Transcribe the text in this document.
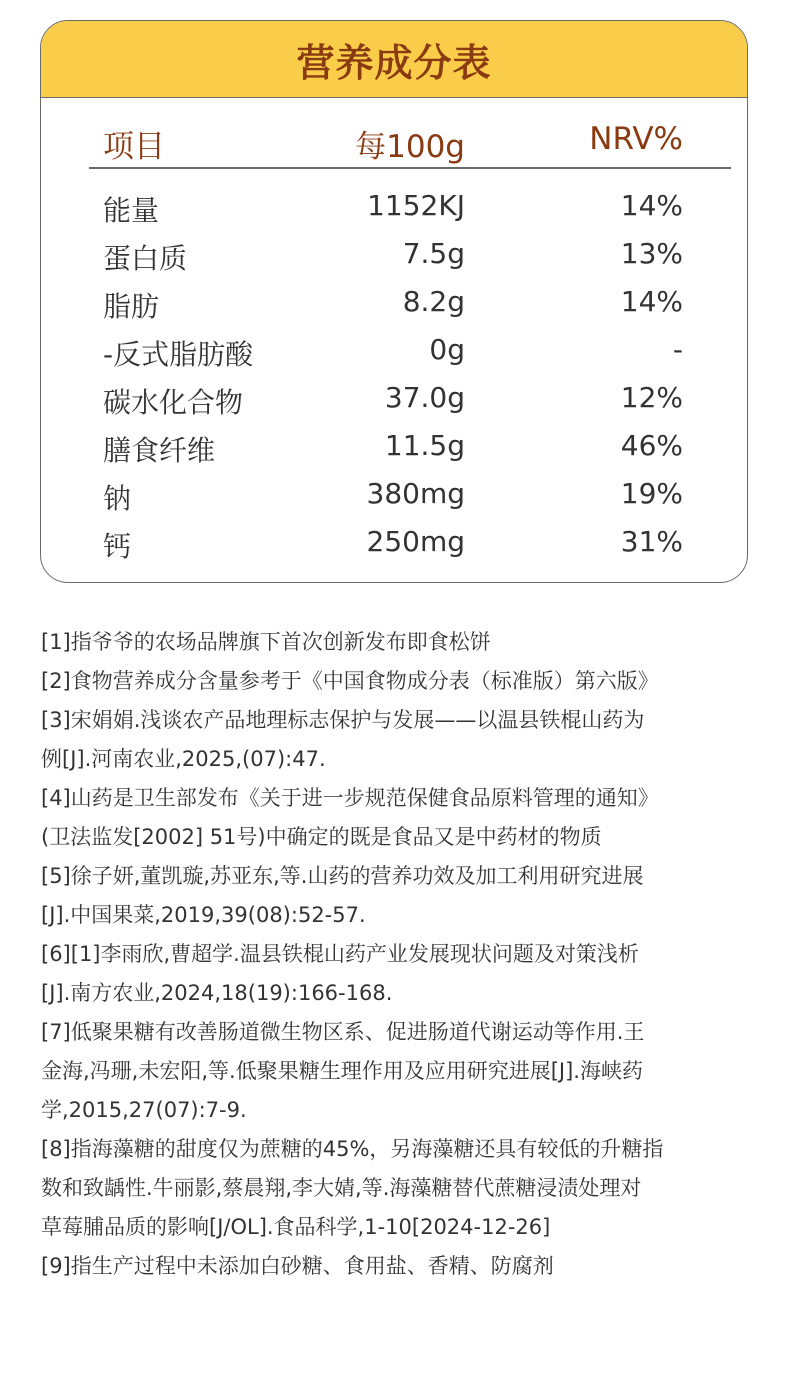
营养成分表
项目	每100g	NRV%
能量	1152KJ	14%
蛋白质	7.5g	13%
脂肪	8.2g	14%
-反式脂肪酸	0g	-
碳水化合物	37.0g	12%
膳食纤维	11.5g	46%
钠	380mg	19%
钙	250mg	31%
[1]指爷爷的农场品牌旗下首次创新发布即食松饼
[2]食物营养成分含量参考于《中国食物成分表（标准版）第六版》
[3]宋娟娟.浅谈农产品地理标志保护与发展——以温县铁棍山药为
例[J].河南农业,2025,(07):47.
[4]山药是卫生部发布《关于进一步规范保健食品原料管理的通知》
(卫法监发[2002] 51号)中确定的既是食品又是中药材的物质
[5]徐子妍,董凯璇,苏亚东,等.山药的营养功效及加工利用研究进展
[J].中国果菜,2019,39(08):52-57.
[6][1]李雨欣,曹超学.温县铁棍山药产业发展现状问题及对策浅析
[J].南方农业,2024,18(19):166-168.
[7]低聚果糖有改善肠道微生物区系、促进肠道代谢运动等作用.王
金海,冯珊,未宏阳,等.低聚果糖生理作用及应用研究进展[J].海峡药
学,2015,27(07):7-9.
[8]指海藻糖的甜度仅为蔗糖的45%，另海藻糖还具有较低的升糖指
数和致龋性.牛丽影,蔡晨翔,李大婧,等.海藻糖替代蔗糖浸渍处理对
草莓脯品质的影响[J/OL].食品科学,1-10[2024-12-26]
[9]指生产过程中未添加白砂糖、食用盐、香精、防腐剂
